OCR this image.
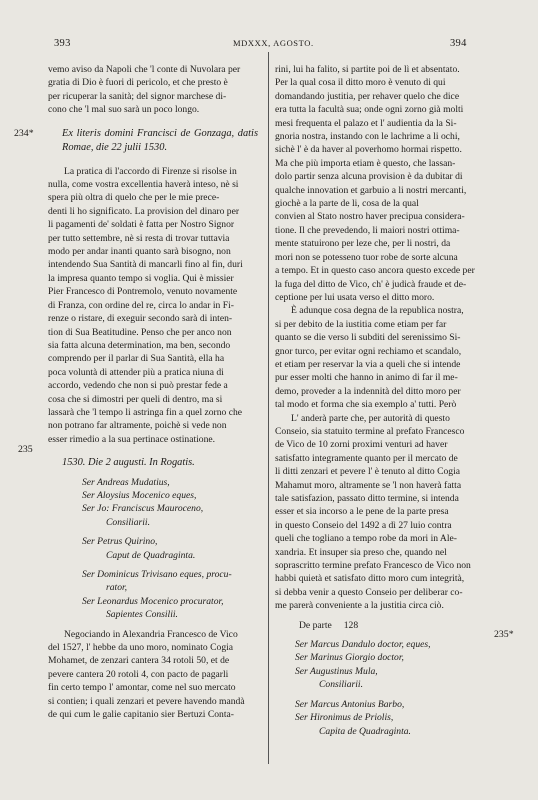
393	MDXXX, AGOSTO.	394
234*
235
235*
vemo aviso da Napoli che 'l conte di Nuvolara per
gratia di Dio è fuori di pericolo, et che presto è
per ricuperar la sanità; del signor marchese di-
cono che 'l mal suo sarà un poco longo.
Ex literis domini Francisci de Gonzaga, datis Romae, die 22 julii 1530.
La pratica di l'accordo di Firenze si risolse in
nulla, come vostra excellentia haverà inteso, nè si
spera più oltra di quelo che per le mie prece-
denti li ho significato. La provision del dinaro per
li pagamenti de' soldati è fatta per Nostro Signor
per tutto settembre, nè si resta di trovar tuttavia
modo per andar inanti quanto sarà bisogno, non
intendendo Sua Santità di mancarli fino al fin, duri
la impresa quanto tempo si voglia. Qui è missier
Pier Francesco di Pontremolo, venuto novamente
di Franza, con ordine del re, circa lo andar in Fi-
renze o ristare, di exeguir secondo sarà di inten-
tion di Sua Beatitudine. Penso che per anco non
sia fatta alcuna determination, ma ben, secondo
comprendo per il parlar di Sua Santità, ella ha
poca voluntà di attender più a pratica niuna di
accordo, vedendo che non si può prestar fede a
cosa che si dimostri per queli di dentro, ma si
lassarà che 'l tempo li astringa fin a quel zorno che
non potrano far altramente, poichè si vede non
esser rimedio a la sua pertinace ostinatione.
1530. Die 2 augusti. In Rogatis.
Ser Andreas Mudatius,
Ser Aloysius Mocenico eques,
Ser Jo: Franciscus Mauroceno,
Consiliarii.
Ser Petrus Quirino,
Caput de Quadraginta.
Ser Dominicus Trivisano eques, procu-
rator,
Ser Leonardus Mocenico procurator,
Sapientes Consilii.
Negociando in Alexandria Francesco de Vico
del 1527, l' hebbe da uno moro, nominato Cogia
Mohamet, de zenzari cantera 34 rotoli 50, et de
pevere cantera 20 rotoli 4, con pacto de pagarli
fin certo tempo l' amontar, come nel suo mercato
si contien; i quali zenzari et pevere havendo mandà
de qui cum le galie capitanio sier Bertuzi Conta-
rini, lui ha falito, si partite poi de lì et absentato.
Per la qual cosa il ditto moro è venuto di qui
domandando justitia, per rehaver quelo che dice
era tutta la facultà sua; onde ogni zorno già molti
mesi frequenta el palazo et l' audientia da la Si-
gnoria nostra, instando con le lachrime a li ochi,
sichè l' è da haver al poverhomo hormai rispetto.
Ma che più importa etiam è questo, che lassan-
dolo partir senza alcuna provision è da dubitar di
qualche innovation et garbuio a li nostri mercanti,
giochè a la parte de li, cosa de la qual
convien al Stato nostro haver precipua considera-
tione. Il che prevedendo, li maiori nostri ottima-
mente statuirono per leze che, per li nostri, da
mori non se potesseno tuor robe de sorte alcuna
a tempo. Et in questo caso ancora questo excede per
la fuga del ditto de Vico, ch' è judicà fraude et de-
ceptione per lui usata verso el ditto moro.
È adunque cosa degna de la republica nostra,
si per debito de la iustitia come etiam per far
quanto se die verso li subditi del serenissimo Si-
gnor turco, per evitar ogni rechiamo et scandalo,
et etiam per reservar la via a queli che si intende
pur esser molti che hanno in animo di far il me-
demo, proveder a la indennità del ditto moro per
tal modo et forma che sia exemplo a' tutti. Però
L' anderà parte che, per autorità di questo
Conseio, sia statuito termine al prefato Francesco
de Vico de 10 zorni proximi venturi ad haver
satisfatto integramente quanto per il mercato de
li ditti zenzari et pevere l' è tenuto al ditto Cogia
Mahamut moro, altramente se 'l non haverà fatta
tale satisfazion, passato ditto termine, si intenda
esser et sia incorso a le pene de la parte presa
in questo Conseio del 1492 a dì 27 luio contra
queli che togliano a tempo robe da mori in Ale-
xandria. Et insuper sia preso che, quando nel
soprascritto termine prefato Francesco de Vico non
habbi quietà et satisfato ditto moro cum integrità,
si debba venir a questo Conseio per deliberar co-
me parerà conveniente a la justitia circa ciò.
De parte     128
Ser Marcus Dandulo doctor, eques,
Ser Marinus Giorgio doctor,
Ser Augustinus Mula,
Consiliarii.
Ser Marcus Antonius Barbo,
Ser Hironimus de Priolis,
Capita de Quadraginta.
